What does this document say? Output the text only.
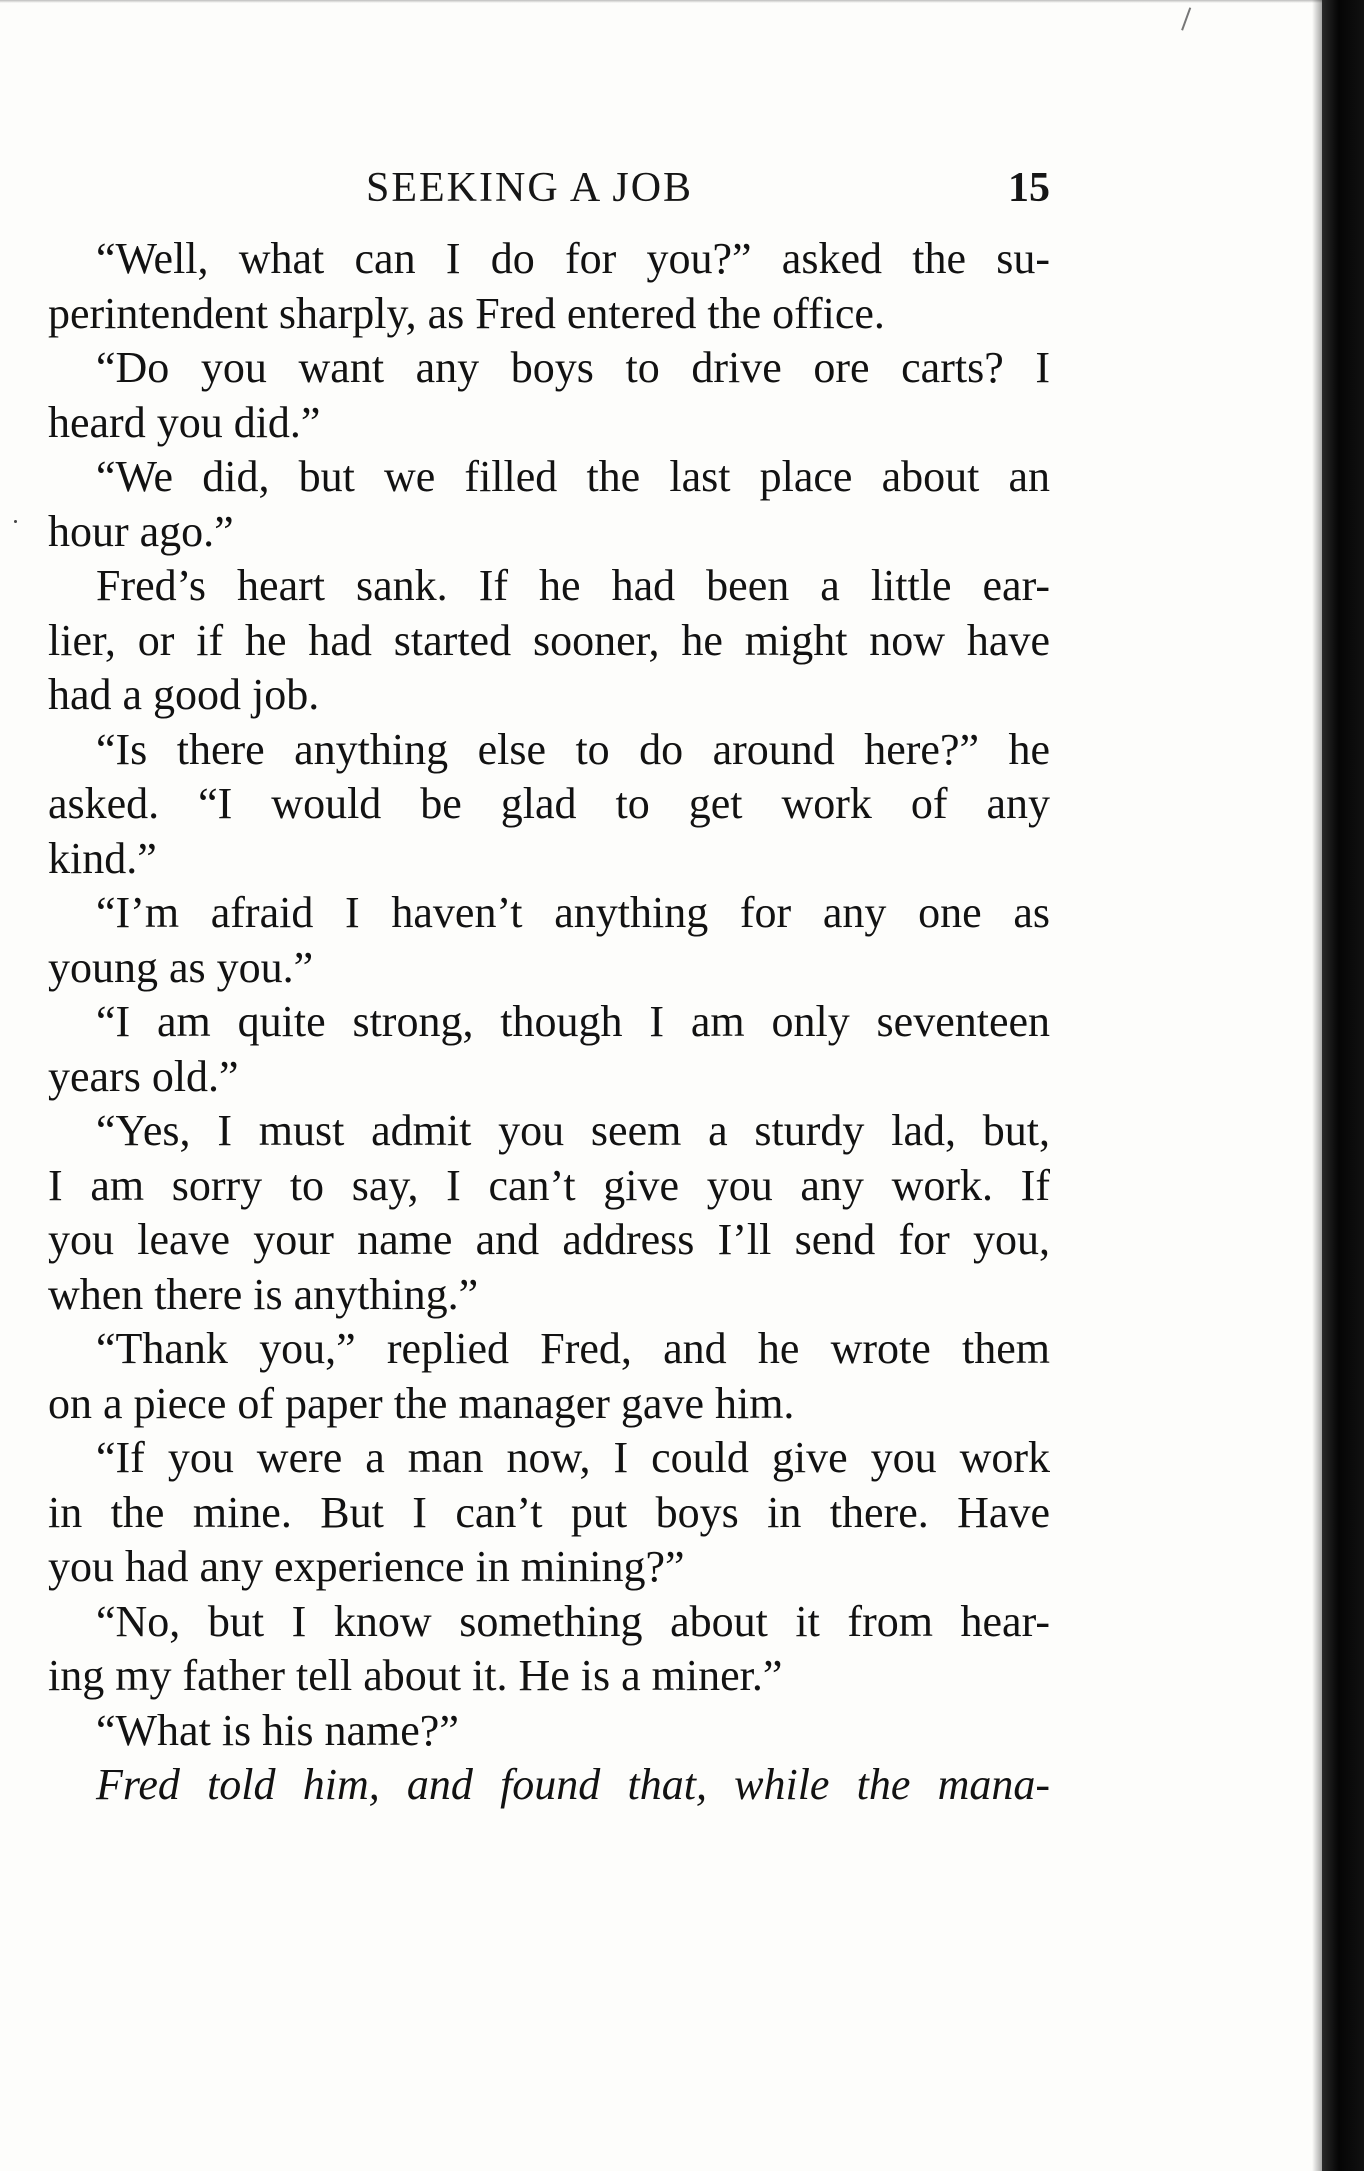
SEEKING A JOB	15
“Well, what can I do for you?” asked the su-
perintendent sharply, as Fred entered the office.
“Do you want any boys to drive ore carts? I
heard you did.”
“We did, but we filled the last place about an
hour ago.”
Fred’s heart sank. If he had been a little ear-
lier, or if he had started sooner, he might now have
had a good job.
“Is there anything else to do around here?” he
asked. “I would be glad to get work of any
kind.”
“I’m afraid I haven’t anything for any one as
young as you.”
“I am quite strong, though I am only seventeen
years old.”
“Yes, I must admit you seem a sturdy lad, but,
I am sorry to say, I can’t give you any work. If
you leave your name and address I’ll send for you,
when there is anything.”
“Thank you,” replied Fred, and he wrote them
on a piece of paper the manager gave him.
“If you were a man now, I could give you work
in the mine. But I can’t put boys in there. Have
you had any experience in mining?”
“No, but I know something about it from hear-
ing my father tell about it. He is a miner.”
“What is his name?”
Fred told him, and found that, while the mana-
